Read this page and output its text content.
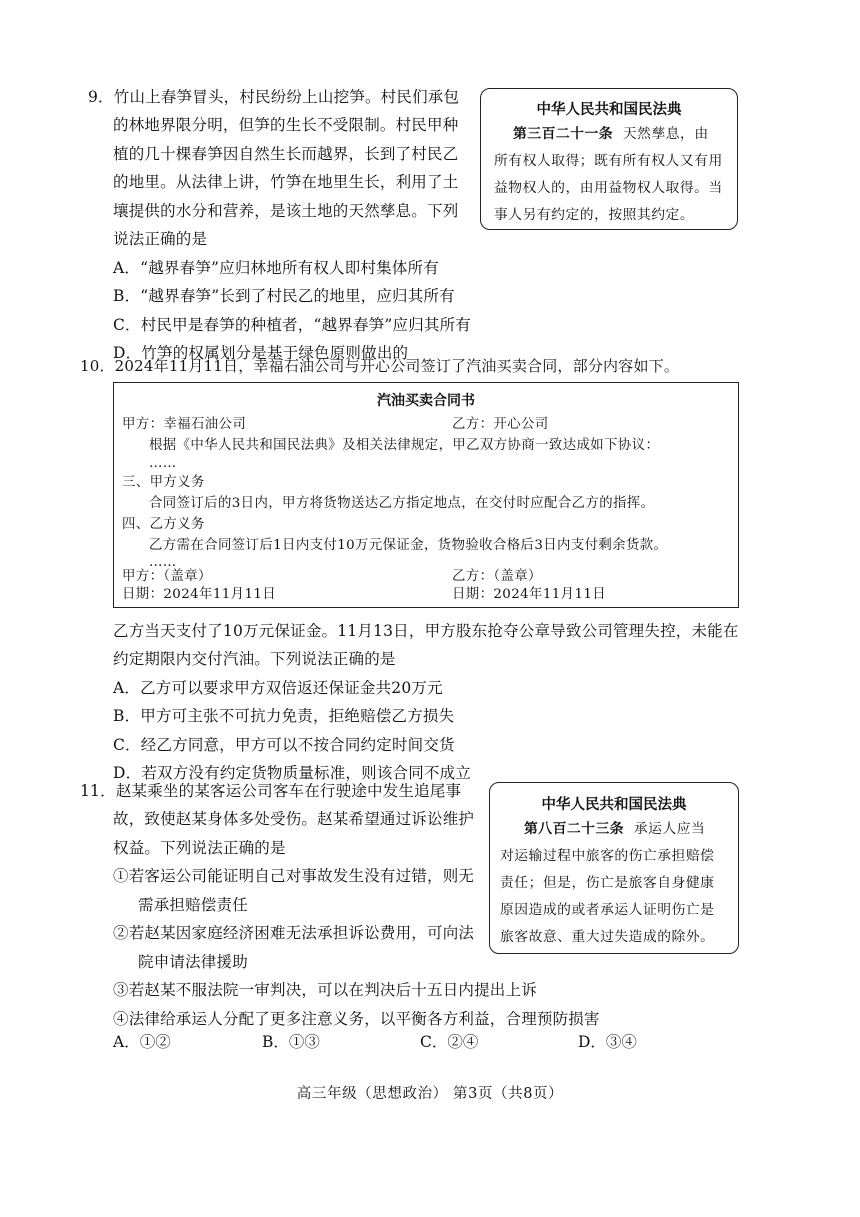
9．竹山上春笋冒头，村民纷纷上山挖笋。村民们承包
的林地界限分明，但笋的生长不受限制。村民甲种
植的几十棵春笋因自然生长而越界，长到了村民乙
的地里。从法律上讲，竹笋在地里生长，利用了土
壤提供的水分和营养，是该土地的天然孳息。下列
说法正确的是
A．“越界春笋”应归林地所有权人即村集体所有
B．“越界春笋”长到了村民乙的地里，应归其所有
C．村民甲是春笋的种植者，“越界春笋”应归其所有
D．竹笋的权属划分是基于绿色原则做出的
中华人民共和国民法典
第三百二十一条 天然孳息，由
所有权人取得；既有所有权人又有用
益物权人的，由用益物权人取得。当
事人另有约定的，按照其约定。
10．2024年11月11日，幸福石油公司与开心公司签订了汽油买卖合同，部分内容如下。
汽油买卖合同书
甲方：幸福石油公司	乙方：开心公司
根据《中华人民共和国民法典》及相关法律规定，甲乙双方协商一致达成如下协议：
……
三、甲方义务
合同签订后的3日内，甲方将货物送达乙方指定地点，在交付时应配合乙方的指挥。
四、乙方义务
乙方需在合同签订后1日内支付10万元保证金，货物验收合格后3日内支付剩余货款。
……
甲方：（盖章）	乙方：（盖章）
日期：2024年11月11日	日期：2024年11月11日
乙方当天支付了10万元保证金。11月13日，甲方股东抢夺公章导致公司管理失控，未能在
约定期限内交付汽油。下列说法正确的是
A．乙方可以要求甲方双倍返还保证金共20万元
B．甲方可主张不可抗力免责，拒绝赔偿乙方损失
C．经乙方同意，甲方可以不按合同约定时间交货
D．若双方没有约定货物质量标准，则该合同不成立
11．赵某乘坐的某客运公司客车在行驶途中发生追尾事
故，致使赵某身体多处受伤。赵某希望通过诉讼维护
权益。下列说法正确的是
①若客运公司能证明自己对事故发生没有过错，则无
需承担赔偿责任
②若赵某因家庭经济困难无法承担诉讼费用，可向法
院申请法律援助
③若赵某不服法院一审判决，可以在判决后十五日内提出上诉
④法律给承运人分配了更多注意义务，以平衡各方利益，合理预防损害
A．①②	B．①③	C．②④	D．③④
中华人民共和国民法典
第八百二十三条 承运人应当
对运输过程中旅客的伤亡承担赔偿
责任；但是，伤亡是旅客自身健康
原因造成的或者承运人证明伤亡是
旅客故意、重大过失造成的除外。
高三年级（思想政治） 第3页（共8页）
